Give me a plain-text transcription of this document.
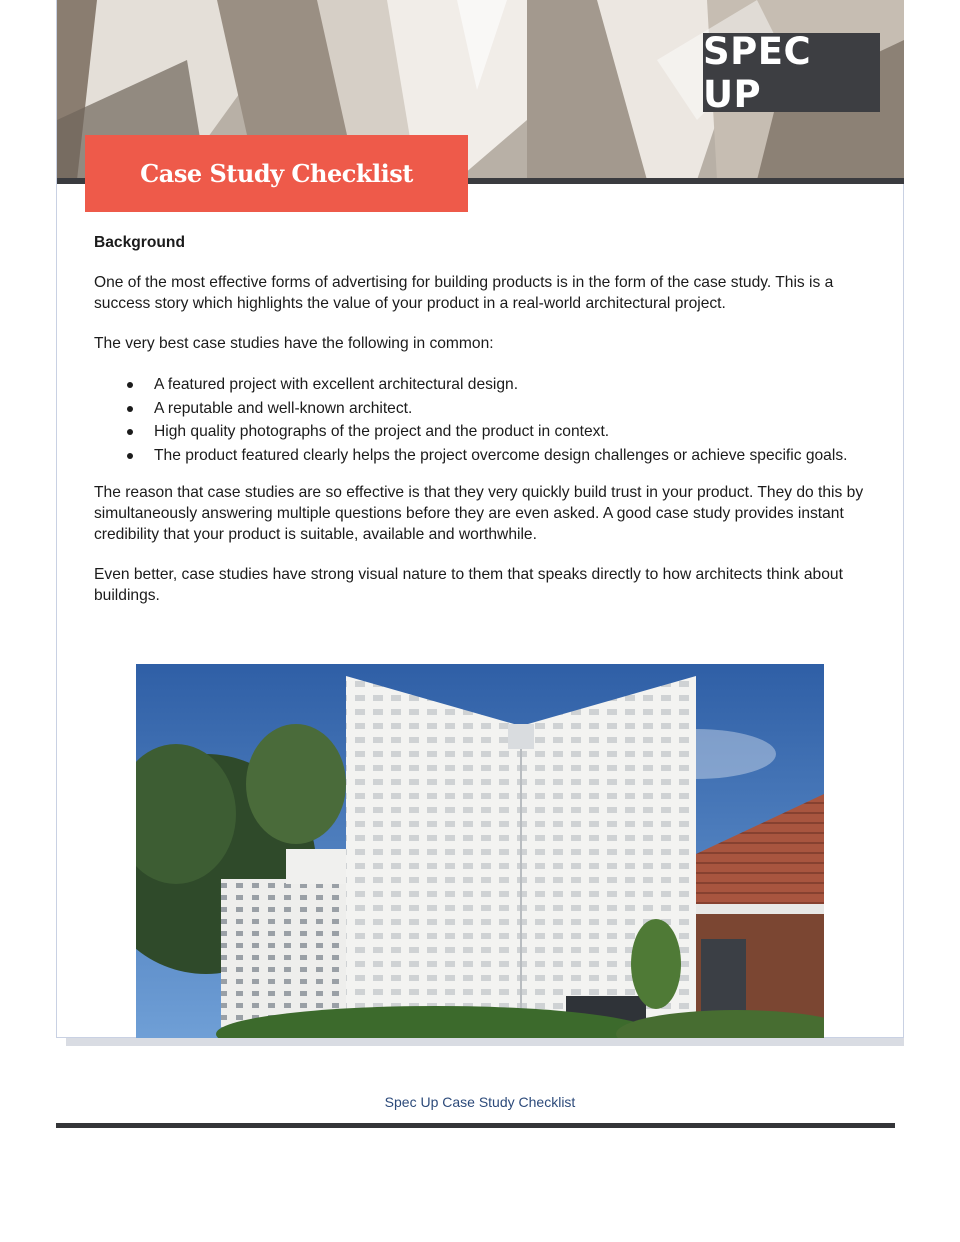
SPEC UP
Case Study Checklist
Background

One of the most effective forms of advertising for building products is in the form of the case study. This is a success story which highlights the value of your product in a real-world architectural project.

The very best case studies have the following in common:

A featured project with excellent architectural design.
A reputable and well-known architect.
High quality photographs of the project and the product in context.
The product featured clearly helps the project overcome design challenges or achieve specific goals.

The reason that case studies are so effective is that they very quickly build trust in your product. They do this by simultaneously answering multiple questions before they are even asked. A good case study provides instant credibility that your product is suitable, available and worthwhile.

Even better, case studies have strong visual nature to them that speaks directly to how architects think about buildings.

Spec Up Case Study Checklist
